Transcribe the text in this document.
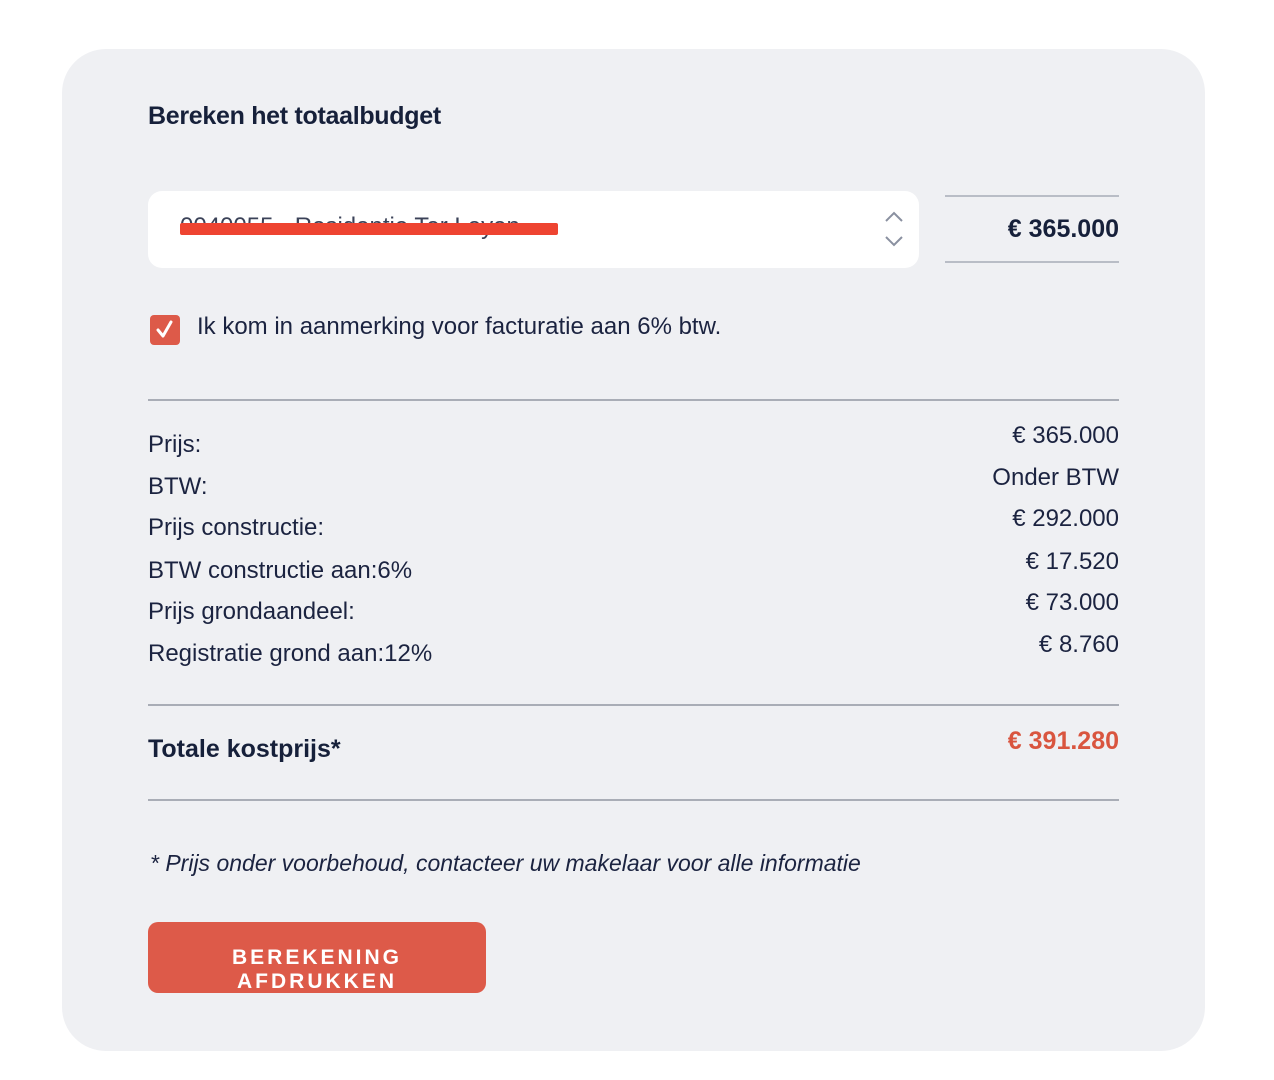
Bereken het totaalbudget
€ 365.000
Ik kom in aanmerking voor facturatie aan 6% btw.
Prijs:	€ 365.000
BTW:	Onder BTW
Prijs constructie:	€ 292.000
BTW constructie aan:6%	€ 17.520
Prijs grondaandeel:	€ 73.000
Registratie grond aan:12%	€ 8.760
Totale kostprijs*	€ 391.280
* Prijs onder voorbehoud, contacteer uw makelaar voor alle informatie
BEREKENING AFDRUKKEN
